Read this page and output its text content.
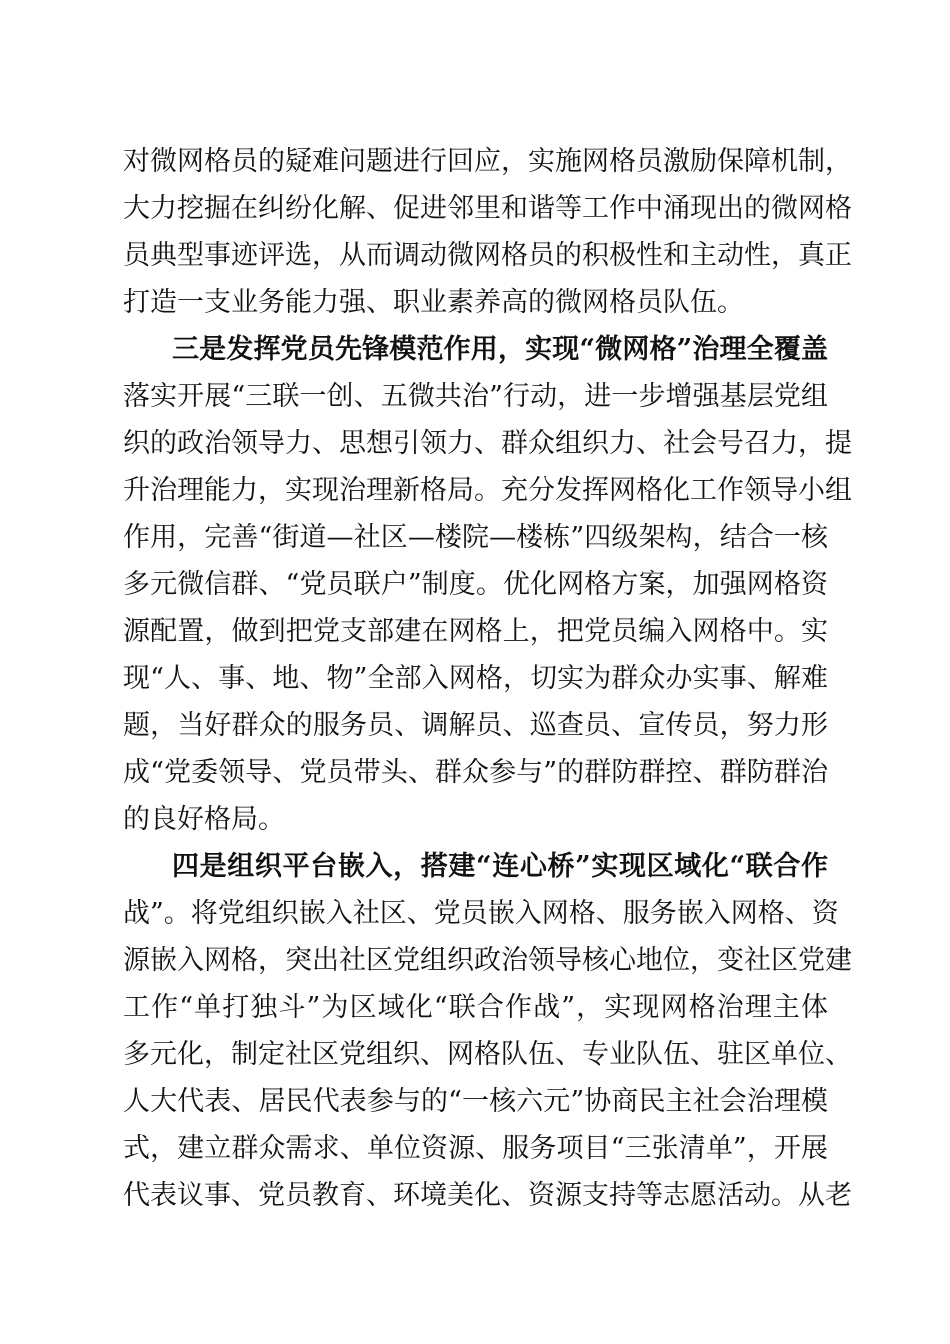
对微网格员的疑难问题进行回应，实施网格员激励保障机制，
大力挖掘在纠纷化解、促进邻里和谐等工作中涌现出的微网格
员典型事迹评选，从而调动微网格员的积极性和主动性，真正
打造一支业务能力强、职业素养高的微网格员队伍。
三是发挥党员先锋模范作用，实现“微网格”治理全覆盖
落实开展“三联一创、五微共治”行动，进一步增强基层党组
织的政治领导力、思想引领力、群众组织力、社会号召力，提
升治理能力，实现治理新格局。充分发挥网格化工作领导小组
作用，完善“街道—社区—楼院—楼栋”四级架构，结合一核
多元微信群、“党员联户”制度。优化网格方案，加强网格资
源配置，做到把党支部建在网格上，把党员编入网格中。实
现“人、事、地、物”全部入网格，切实为群众办实事、解难
题，当好群众的服务员、调解员、巡查员、宣传员，努力形
成“党委领导、党员带头、群众参与”的群防群控、群防群治
的良好格局。
四是组织平台嵌入，搭建“连心桥”实现区域化“联合作
战”。将党组织嵌入社区、党员嵌入网格、服务嵌入网格、资
源嵌入网格，突出社区党组织政治领导核心地位，变社区党建
工作“单打独斗”为区域化“联合作战”，实现网格治理主体
多元化，制定社区党组织、网格队伍、专业队伍、驻区单位、
人大代表、居民代表参与的“一核六元”协商民主社会治理模
式，建立群众需求、单位资源、服务项目“三张清单”，开展
代表议事、党员教育、环境美化、资源支持等志愿活动。从老
